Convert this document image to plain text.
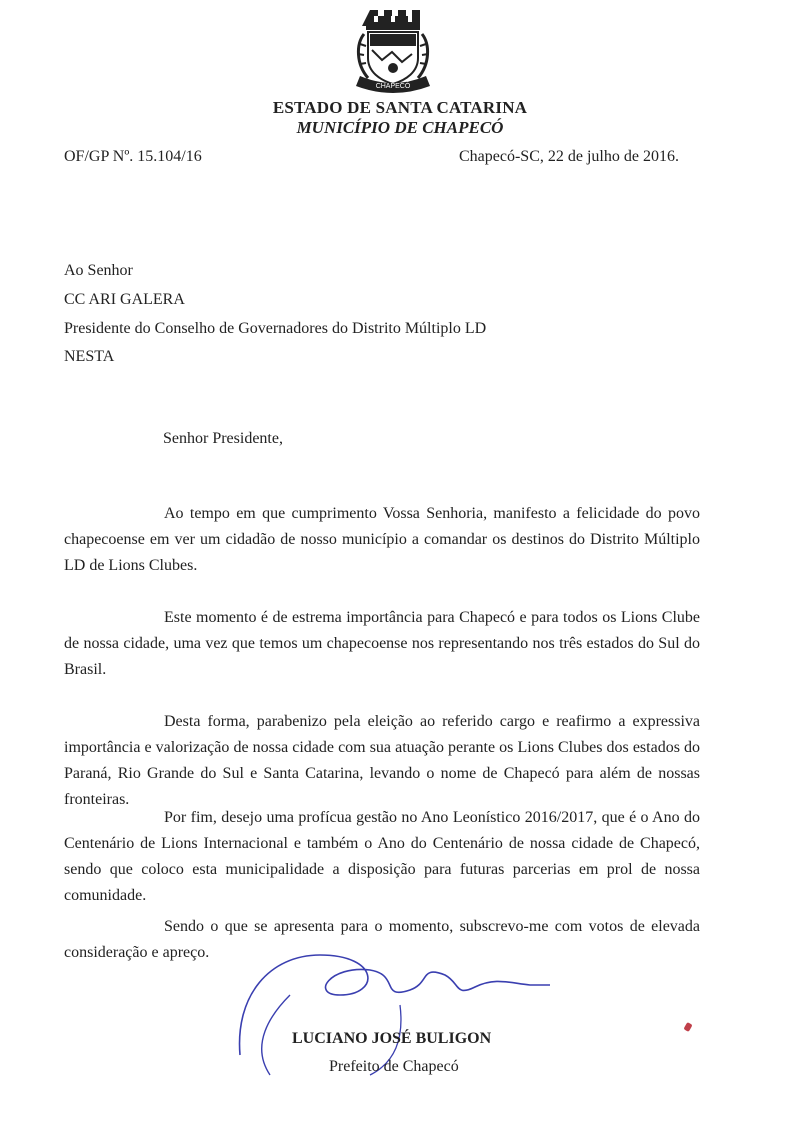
CHAPECÓ
ESTADO DE SANTA CATARINA
MUNICÍPIO DE CHAPECÓ
OF/GP Nº. 15.104/16	Chapecó-SC, 22 de julho de 2016.
Ao Senhor
CC ARI GALERA
Presidente do Conselho de Governadores do Distrito Múltiplo LD
NESTA
Senhor Presidente,

Ao tempo em que cumprimento Vossa Senhoria, manifesto a felicidade do povo chapecoense em ver um cidadão de nosso município a comandar os destinos do Distrito Múltiplo LD de Lions Clubes.

Este momento é de estrema importância para Chapecó e para todos os Lions Clube de nossa cidade, uma vez que temos um chapecoense nos representando nos três estados do Sul do Brasil.

Desta forma, parabenizo pela eleição ao referido cargo e reafirmo a expressiva importância e valorização de nossa cidade com sua atuação perante os Lions Clubes dos estados do Paraná, Rio Grande do Sul e Santa Catarina, levando o nome de Chapecó para além de nossas fronteiras.

Por fim, desejo uma profícua gestão no Ano Leonístico 2016/2017, que é o Ano do Centenário de Lions Internacional e também o Ano do Centenário de nossa cidade de Chapecó, sendo que coloco esta municipalidade a disposição para futuras parcerias em prol de nossa comunidade.

Sendo o que se apresenta para o momento, subscrevo-me com votos de elevada consideração e apreço.

LUCIANO JOSÉ BULIGON
Prefeito de Chapecó
